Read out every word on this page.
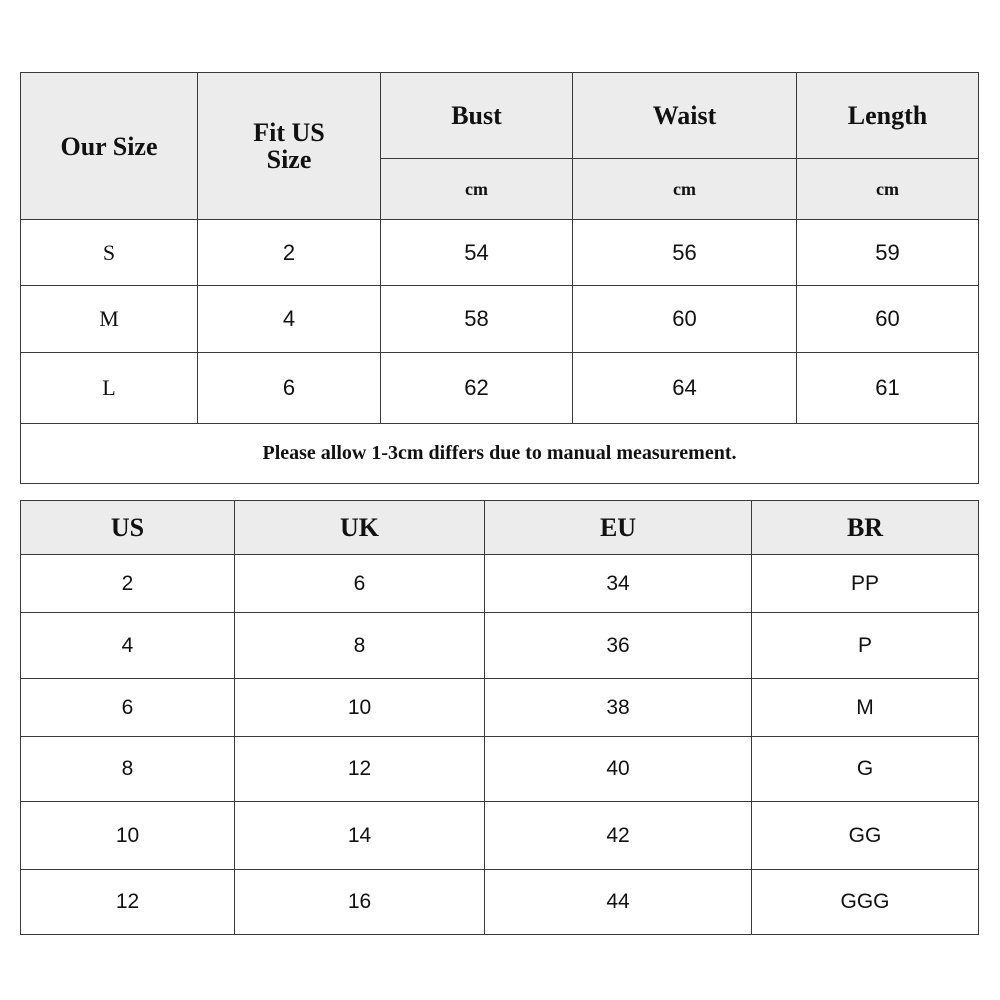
Our Size	Fit US Size	Bust	Waist	Length
		cm	cm	cm
S	2	54	56	59
M	4	58	60	60
L	6	62	64	61
Please allow 1-3cm differs due to manual measurement.				
US	UK	EU	BR
2	6	34	PP
4	8	36	P
6	10	38	M
8	12	40	G
10	14	42	GG
12	16	44	GGG
